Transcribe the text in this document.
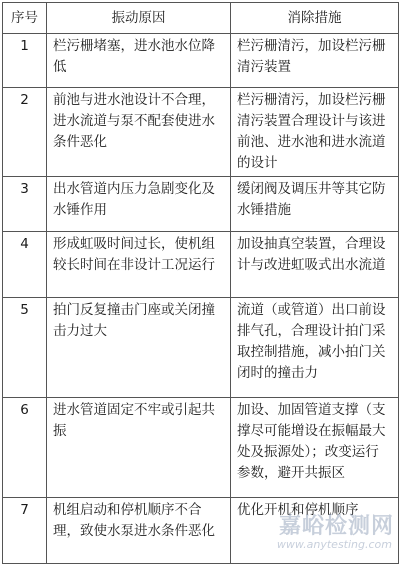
序号	振动原因	消除措施
1	栏污栅堵塞，进水池水位降低	栏污栅清污，加设栏污栅清污装置
2	前池与进水池设计不合理，进水流道与泵不配套使进水条件恶化	栏污栅清污，加设栏污栅清污装置合理设计与该进前池、进水池和进水流道的设计
3	出水管道内压力急剧变化及水锤作用	缓闭阀及调压井等其它防水锤措施
4	形成虹吸时间过长，使机组较长时间在非设计工况运行	加设抽真空装置，合理设计与改进虹吸式出水流道
5	拍门反复撞击门座或关闭撞击力过大	流道（或管道）出口前设排气孔，合理设计拍门采取控制措施，减小拍门关闭时的撞击力
6	进水管道固定不牢或引起共振	加设、加固管道支撑（支撑尽可能增设在振幅最大处及振源处）；改变运行参数，避开共振区
7	机组启动和停机顺序不合理，致使水泵进水条件恶化	优化开机和停机顺序
嘉峪检测网
www.anytesting.com
